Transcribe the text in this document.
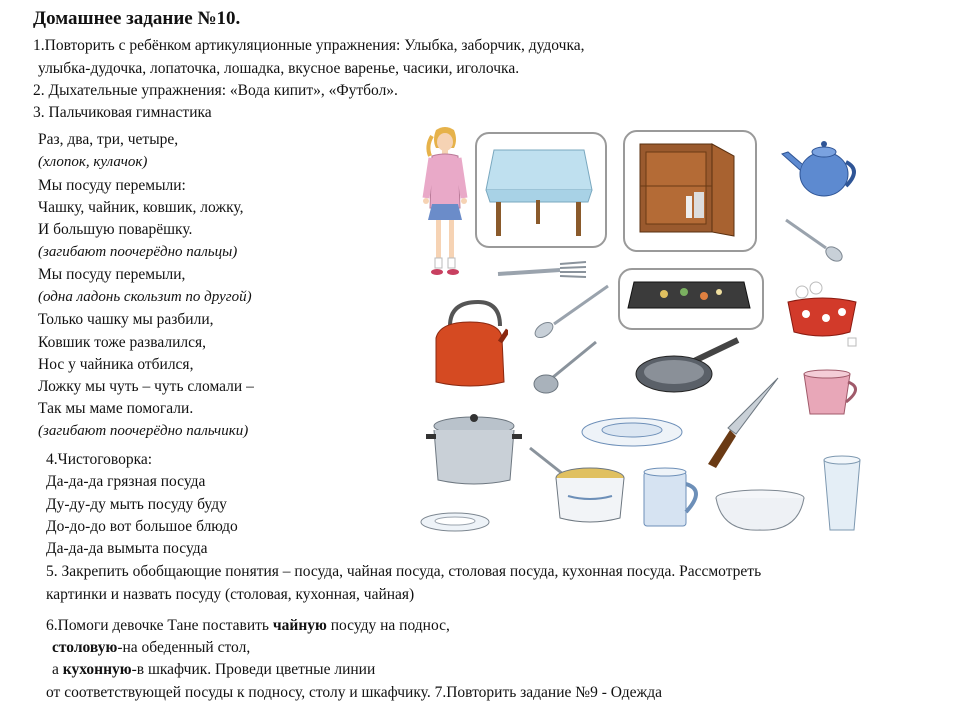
Домашнее задание №10.
1.Повторить с ребёнком артикуляционные упражнения: Улыбка, заборчик, дудочка,
улыбка-дудочка, лопаточка, лошадка, вкусное варенье, часики, иголочка.
2. Дыхательные упражнения: «Вода кипит», «Футбол».
3. Пальчиковая гимнастика
Раз, два, три, четыре,
(хлопок, кулачок)
Мы посуду перемыли:
Чашку, чайник, ковшик, ложку,
И большую поварёшку.
(загибают поочерёдно пальцы)
Мы посуду перемыли,
(одна ладонь скользит по другой)
Только чашку мы разбили,
Ковшик тоже развалился,
Нос у чайника отбился,
Ложку мы чуть – чуть сломали –
Так мы маме помогали.
(загибают поочерёдно пальчики)
4.Чистоговорка:
Да-да-да грязная посуда
Ду-ду-ду мыть посуду буду
До-до-до вот большое блюдо
Да-да-да вымыта посуда
5. Закрепить обобщающие понятия – посуда, чайная посуда, столовая посуда, кухонная посуда. Рассмотреть
картинки и назвать посуду (столовая, кухонная, чайная)
6.Помоги девочке Тане поставить чайную посуду на поднос,
столовую-на обеденный стол,
а кухонную-в шкафчик. Проведи цветные линии
от соответствующей посуды к подносу, столу и шкафчику. 7.Повторить задание №9 - Одежда
